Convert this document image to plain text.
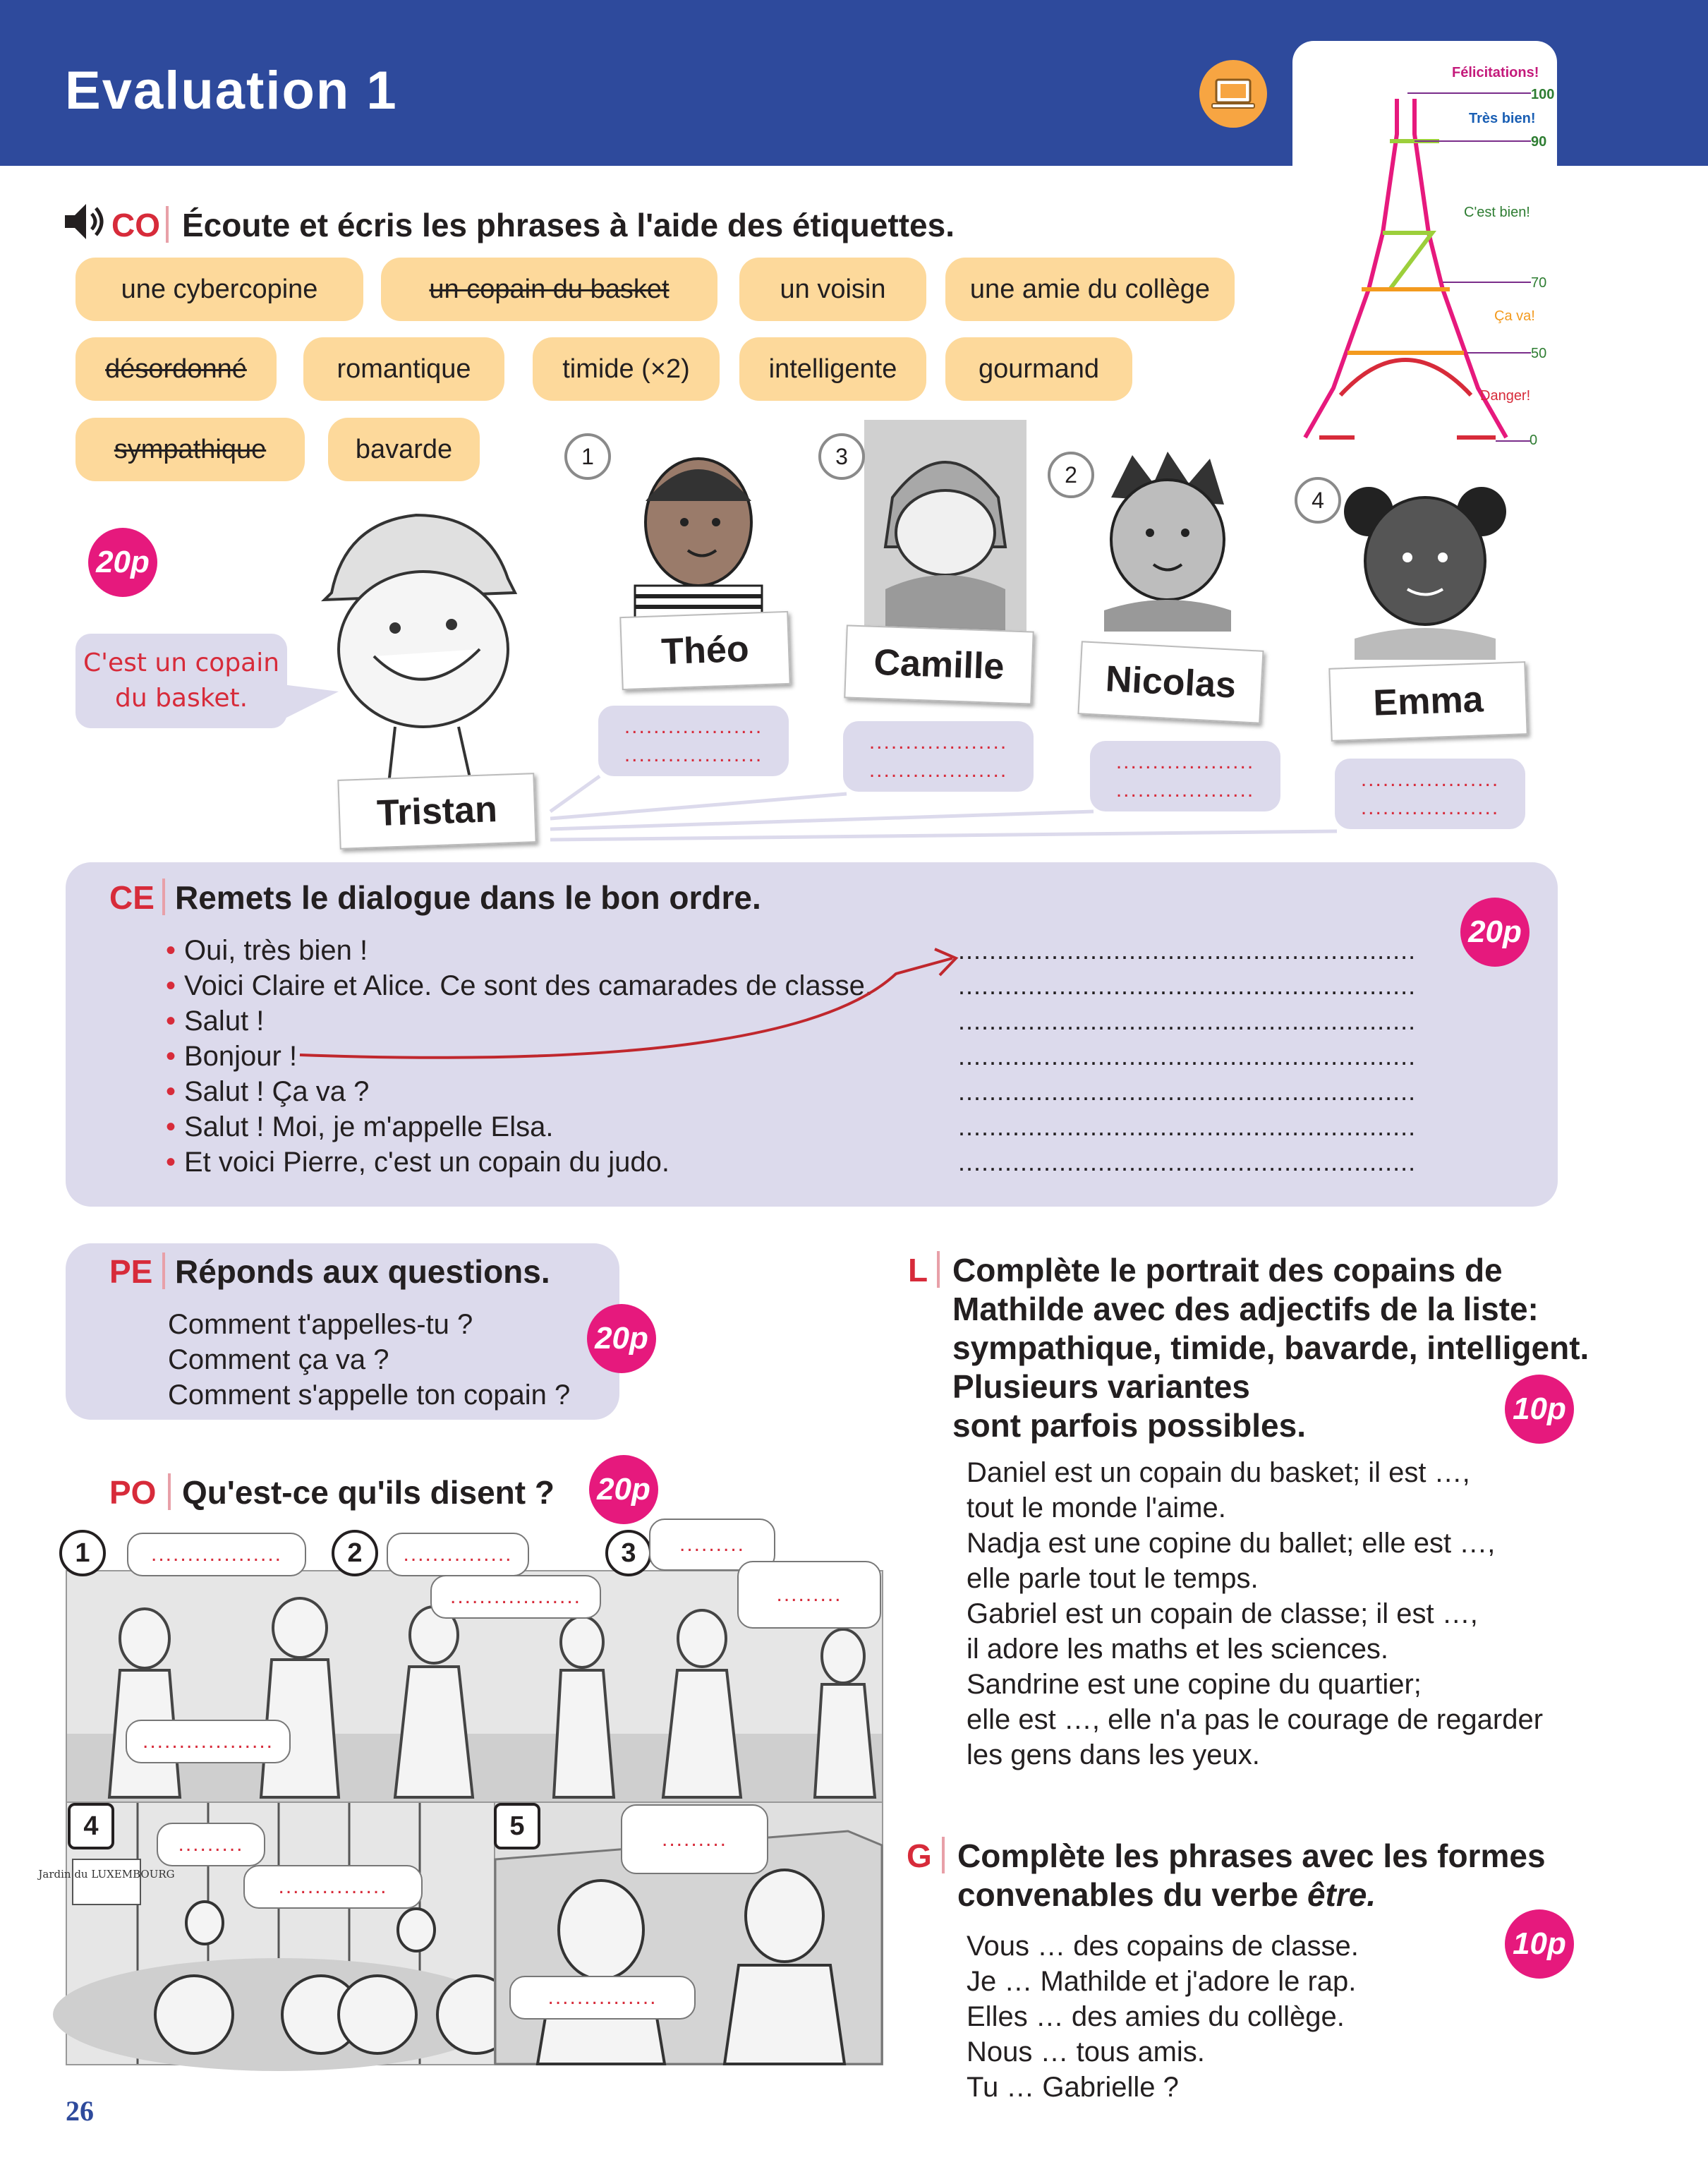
Evaluation 1	Félicitations!
100
Très bien!
90
C'est bien!
70
Ça va!
50
Danger!
0
CO Écoute et écris les phrases à l'aide des étiquettes.
une cybercopine	un copain du basket	un voisin	une amie du collège
désordonné	romantique	timide (×2)	intelligente	gourmand
sympathique	bavarde
20p
C'est un copain du basket.
1	3
2
4
Tristan
Théo	Camille	Nicolas	Emma
...................
...................
...................
...................	...................
...................	...................
...................
CE Remets le dialogue dans le bon ordre.
20p
• Oui, très bien !
• Voici Claire et Alice. Ce sont des camarades de classe.
• Salut !
• Bonjour !
• Salut ! Ça va ?
• Salut ! Moi, je m'appelle Elsa.
• Et voici Pierre, c'est un copain du judo.
...........................................................
...........................................................
...........................................................
...........................................................
...........................................................
...........................................................
...........................................................
PE Réponds aux questions.
Comment t'appelles-tu ?
Comment ça va ?
Comment s'appelle ton copain ?
20p
PO Qu'est-ce qu'ils disent ? 20p
Jardin du LUXEMBOURG
1	2	3
4	5
..................
..................
...............
..................
.........
.........
.........
...............
.........
...............
L Complète le portrait des copains de
Mathilde avec des adjectifs de la liste:
sympathique, timide, bavarde, intelligent.
Plusieurs variantes
sont parfois possibles.	10p
Daniel est un copain du basket; il est …,
tout le monde l'aime.
Nadja est une copine du ballet; elle est …,
elle parle tout le temps.
Gabriel est un copain de classe; il est …,
il adore les maths et les sciences.
Sandrine est une copine du quartier;
elle est …, elle n'a pas le courage de regarder
les gens dans les yeux.
G Complète les phrases avec les formes
convenables du verbe être.
10p
Vous … des copains de classe.
Je … Mathilde et j'adore le rap.
Elles … des amies du collège.
Nous … tous amis.
Tu … Gabrielle ?
26
